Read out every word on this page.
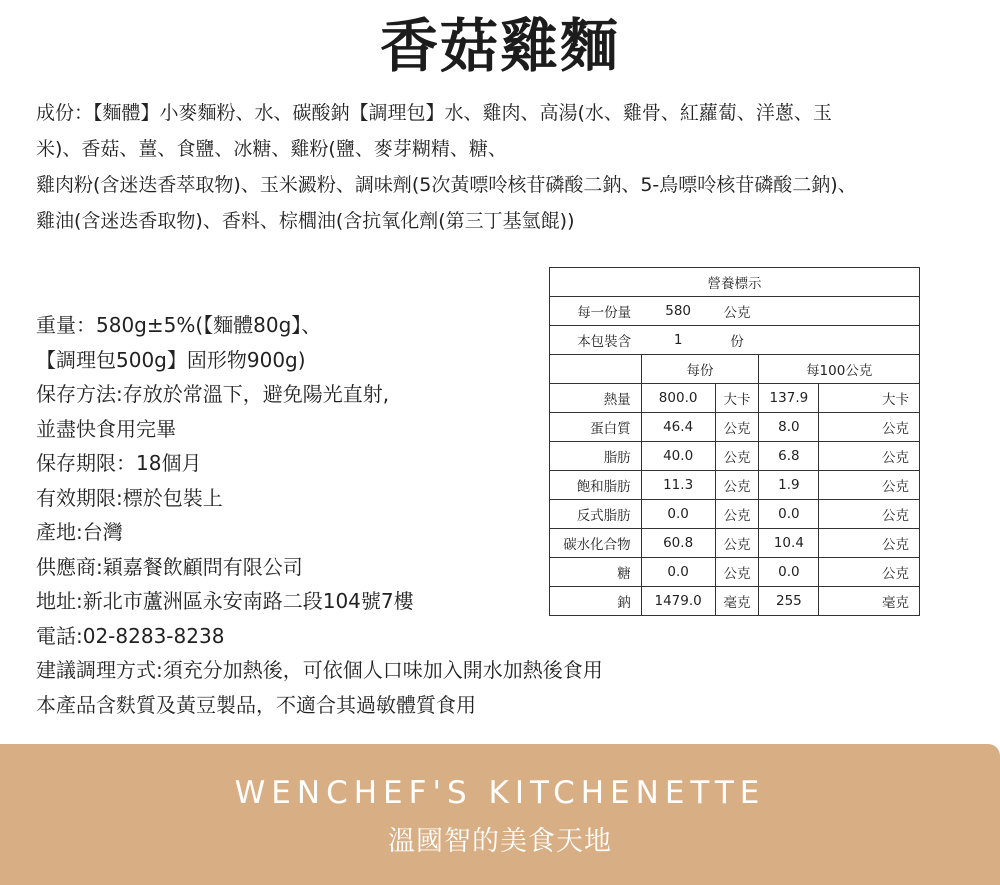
香菇雞麵
成份：【麵體】小麥麵粉、水、碳酸鈉【調理包】水、雞肉、高湯(水、雞骨、紅蘿蔔、洋蔥、玉
米)、香菇、薑、食鹽、冰糖、雞粉(鹽、麥芽糊精、糖、
雞肉粉(含迷迭香萃取物)、玉米澱粉、調味劑(5次黃嘌呤核苷磷酸二鈉、5-鳥嘌呤核苷磷酸二鈉)、
雞油(含迷迭香取物)、香料、棕櫚油(含抗氧化劑(第三丁基氫餛))
重量：580g±5%(【麵體80g】、
【調理包500g】固形物900g)
保存方法:存放於常溫下，避免陽光直射,
並盡快食用完畢
保存期限：18個月
有效期限:標於包裝上
產地:台灣
供應商:穎嘉餐飲顧問有限公司
地址:新北市蘆洲區永安南路二段104號7樓
電話:02-8283-8238
建議調理方式:須充分加熱後，可依個人口味加入開水加熱後食用
本產品含麩質及黃豆製品，不適合其過敏體質食用
營養標示				
每一份量	580	公克		
本包裝含	1	份		
	每份		每100公克	
熱量	800.0	大卡	137.9	大卡
蛋白質	46.4	公克	8.0	公克
脂肪	40.0	公克	6.8	公克
飽和脂肪	11.3	公克	1.9	公克
反式脂肪	0.0	公克	0.0	公克
碳水化合物	60.8	公克	10.4	公克
糖	0.0	公克	0.0	公克
鈉	1479.0	毫克	255	毫克
WENCHEF'S KITCHENETTE
溫國智的美食天地
